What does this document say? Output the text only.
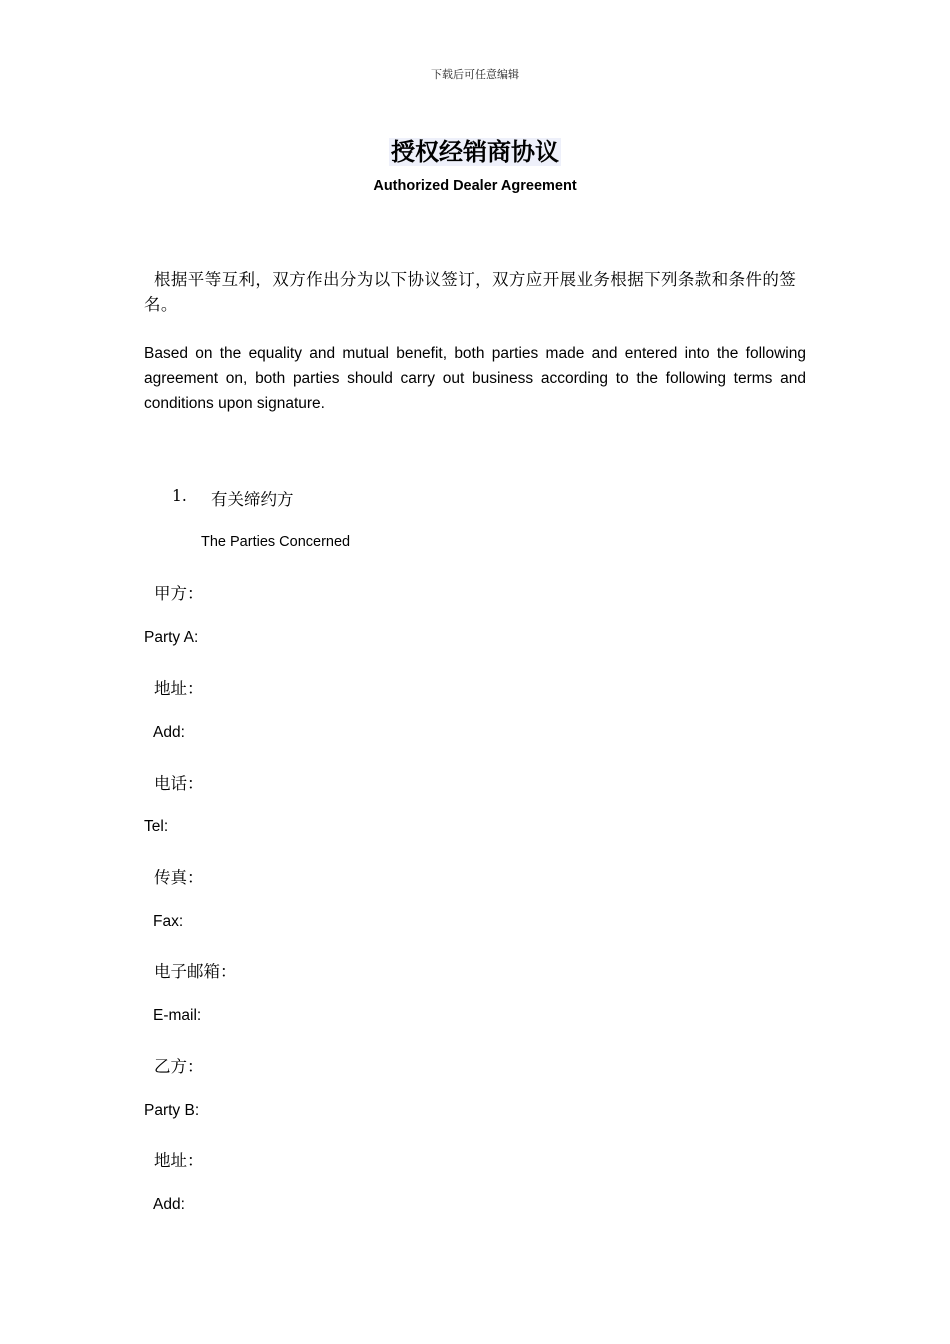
下载后可任意编辑
授权经销商协议
Authorized Dealer Agreement
根据平等互利，双方作出分为以下协议签订，双方应开展业务根据下列条款和条件的签名。
Based on the equality and mutual benefit, both parties made and entered into the following agreement on, both parties should carry out business according to the following terms and conditions upon signature.
1. 有关缔约方
The Parties Concerned
甲方：
Party A:
地址：
Add:
电话：
Tel:
传真：
Fax:
电子邮箱：
E-mail:
乙方：
Party B:
地址：
Add:
